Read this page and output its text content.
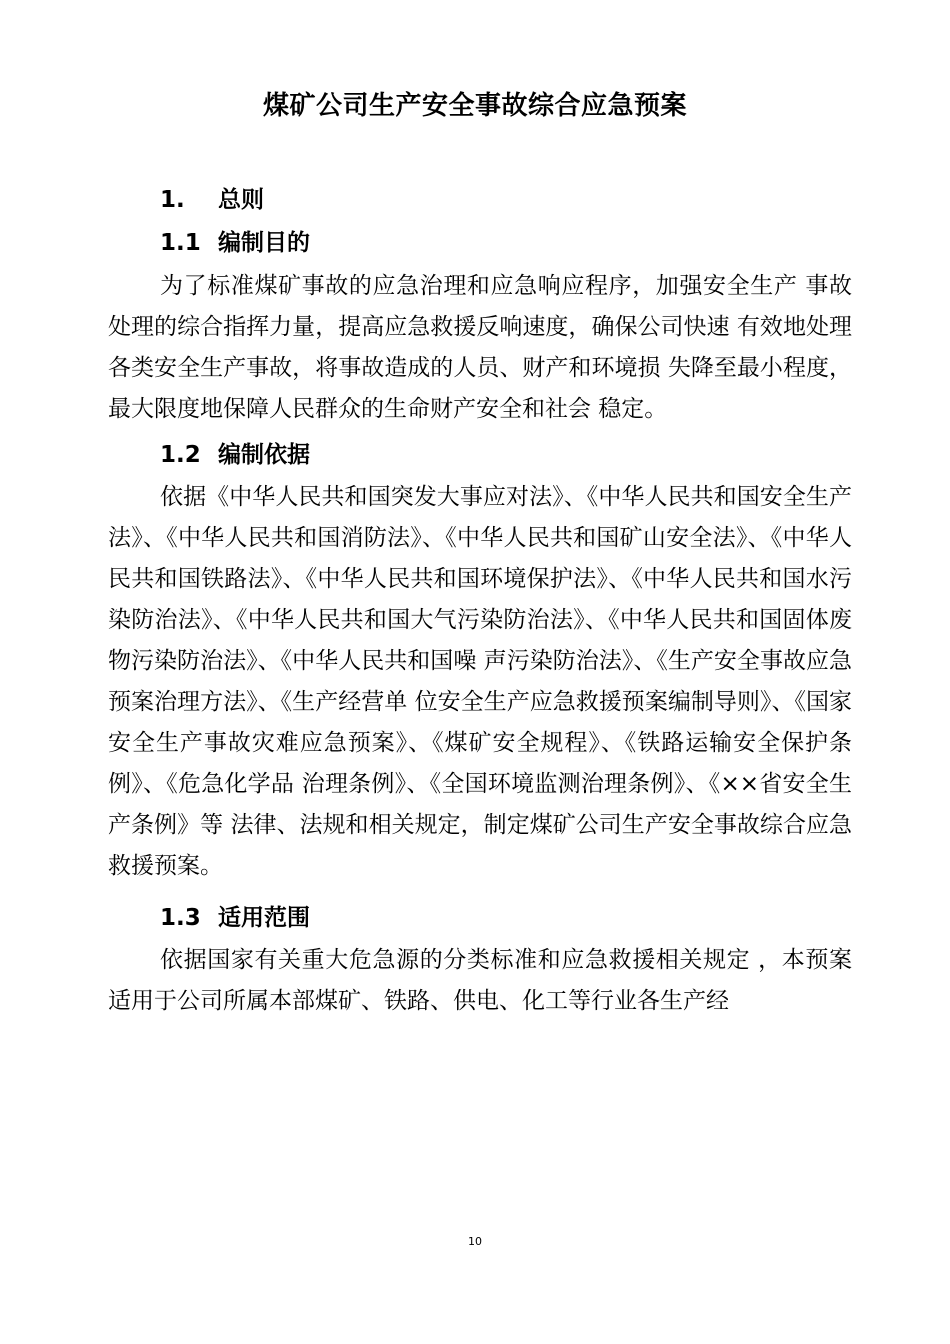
煤矿公司生产安全事故综合应急预案
1. 总则
1.1 编制目的
为了标准煤矿事故的应急治理和应急响应程序，加强安全生产 事故处理的综合指挥力量，提高应急救援反响速度，确保公司快速 有效地处理各类安全生产事故，将事故造成的人员、财产和环境损 失降至最小程度，最大限度地保障人民群众的生命财产安全和社会 稳定。
1.2 编制依据
依据《中华人民共和国突发大事应对法》、《中华人民共和国安全生产法》、《中华人民共和国消防法》、《中华人民共和国矿山安全法》、《中华人民共和国铁路法》、《中华人民共和国环境保护法》、《中华人民共和国水污染防治法》、《中华人民共和国大气污染防治法》、《中华人民共和国固体废物污染防治法》、《中华人民共和国噪 声污染防治法》、《生产安全事故应急预案治理方法》、《生产经营单 位安全生产应急救援预案编制导则》、《国家安全生产事故灾难应急预案》、《煤矿安全规程》、《铁路运输安全保护条例》、《危急化学品 治理条例》、《全国环境监测治理条例》、《××省安全生产条例》等 法律、法规和相关规定，制定煤矿公司生产安全事故综合应急救援预案。
1.3 适用范围
依据国家有关重大危急源的分类标准和应急救援相关规定 ，本预案适用于公司所属本部煤矿、铁路、供电、化工等行业各生产经
10
